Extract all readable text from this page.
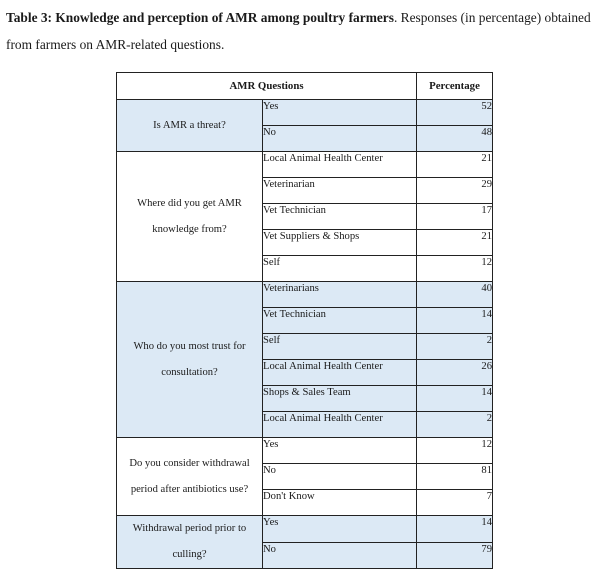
Table 3: Knowledge and perception of AMR among poultry farmers. Responses (in percentage) obtained from farmers on AMR-related questions.

AMR Questions		Percentage

Is AMR a threat?	Yes	52
	No	48

Where did you get AMR
knowledge from?	Local Animal Health Center	21
	Veterinarian	29
	Vet Technician	17
	Vet Suppliers & Shops	21
	Self	12

Who do you most trust for
consultation?	Veterinarians	40
	Vet Technician	14
	Self	2
	Local Animal Health Center	26
	Shops & Sales Team	14
	Local Animal Health Center	2

Do you consider withdrawal
period after antibiotics use?	Yes	12
	No	81
	Don't Know	7

Withdrawal period prior to
culling?	Yes	14
	No	79
